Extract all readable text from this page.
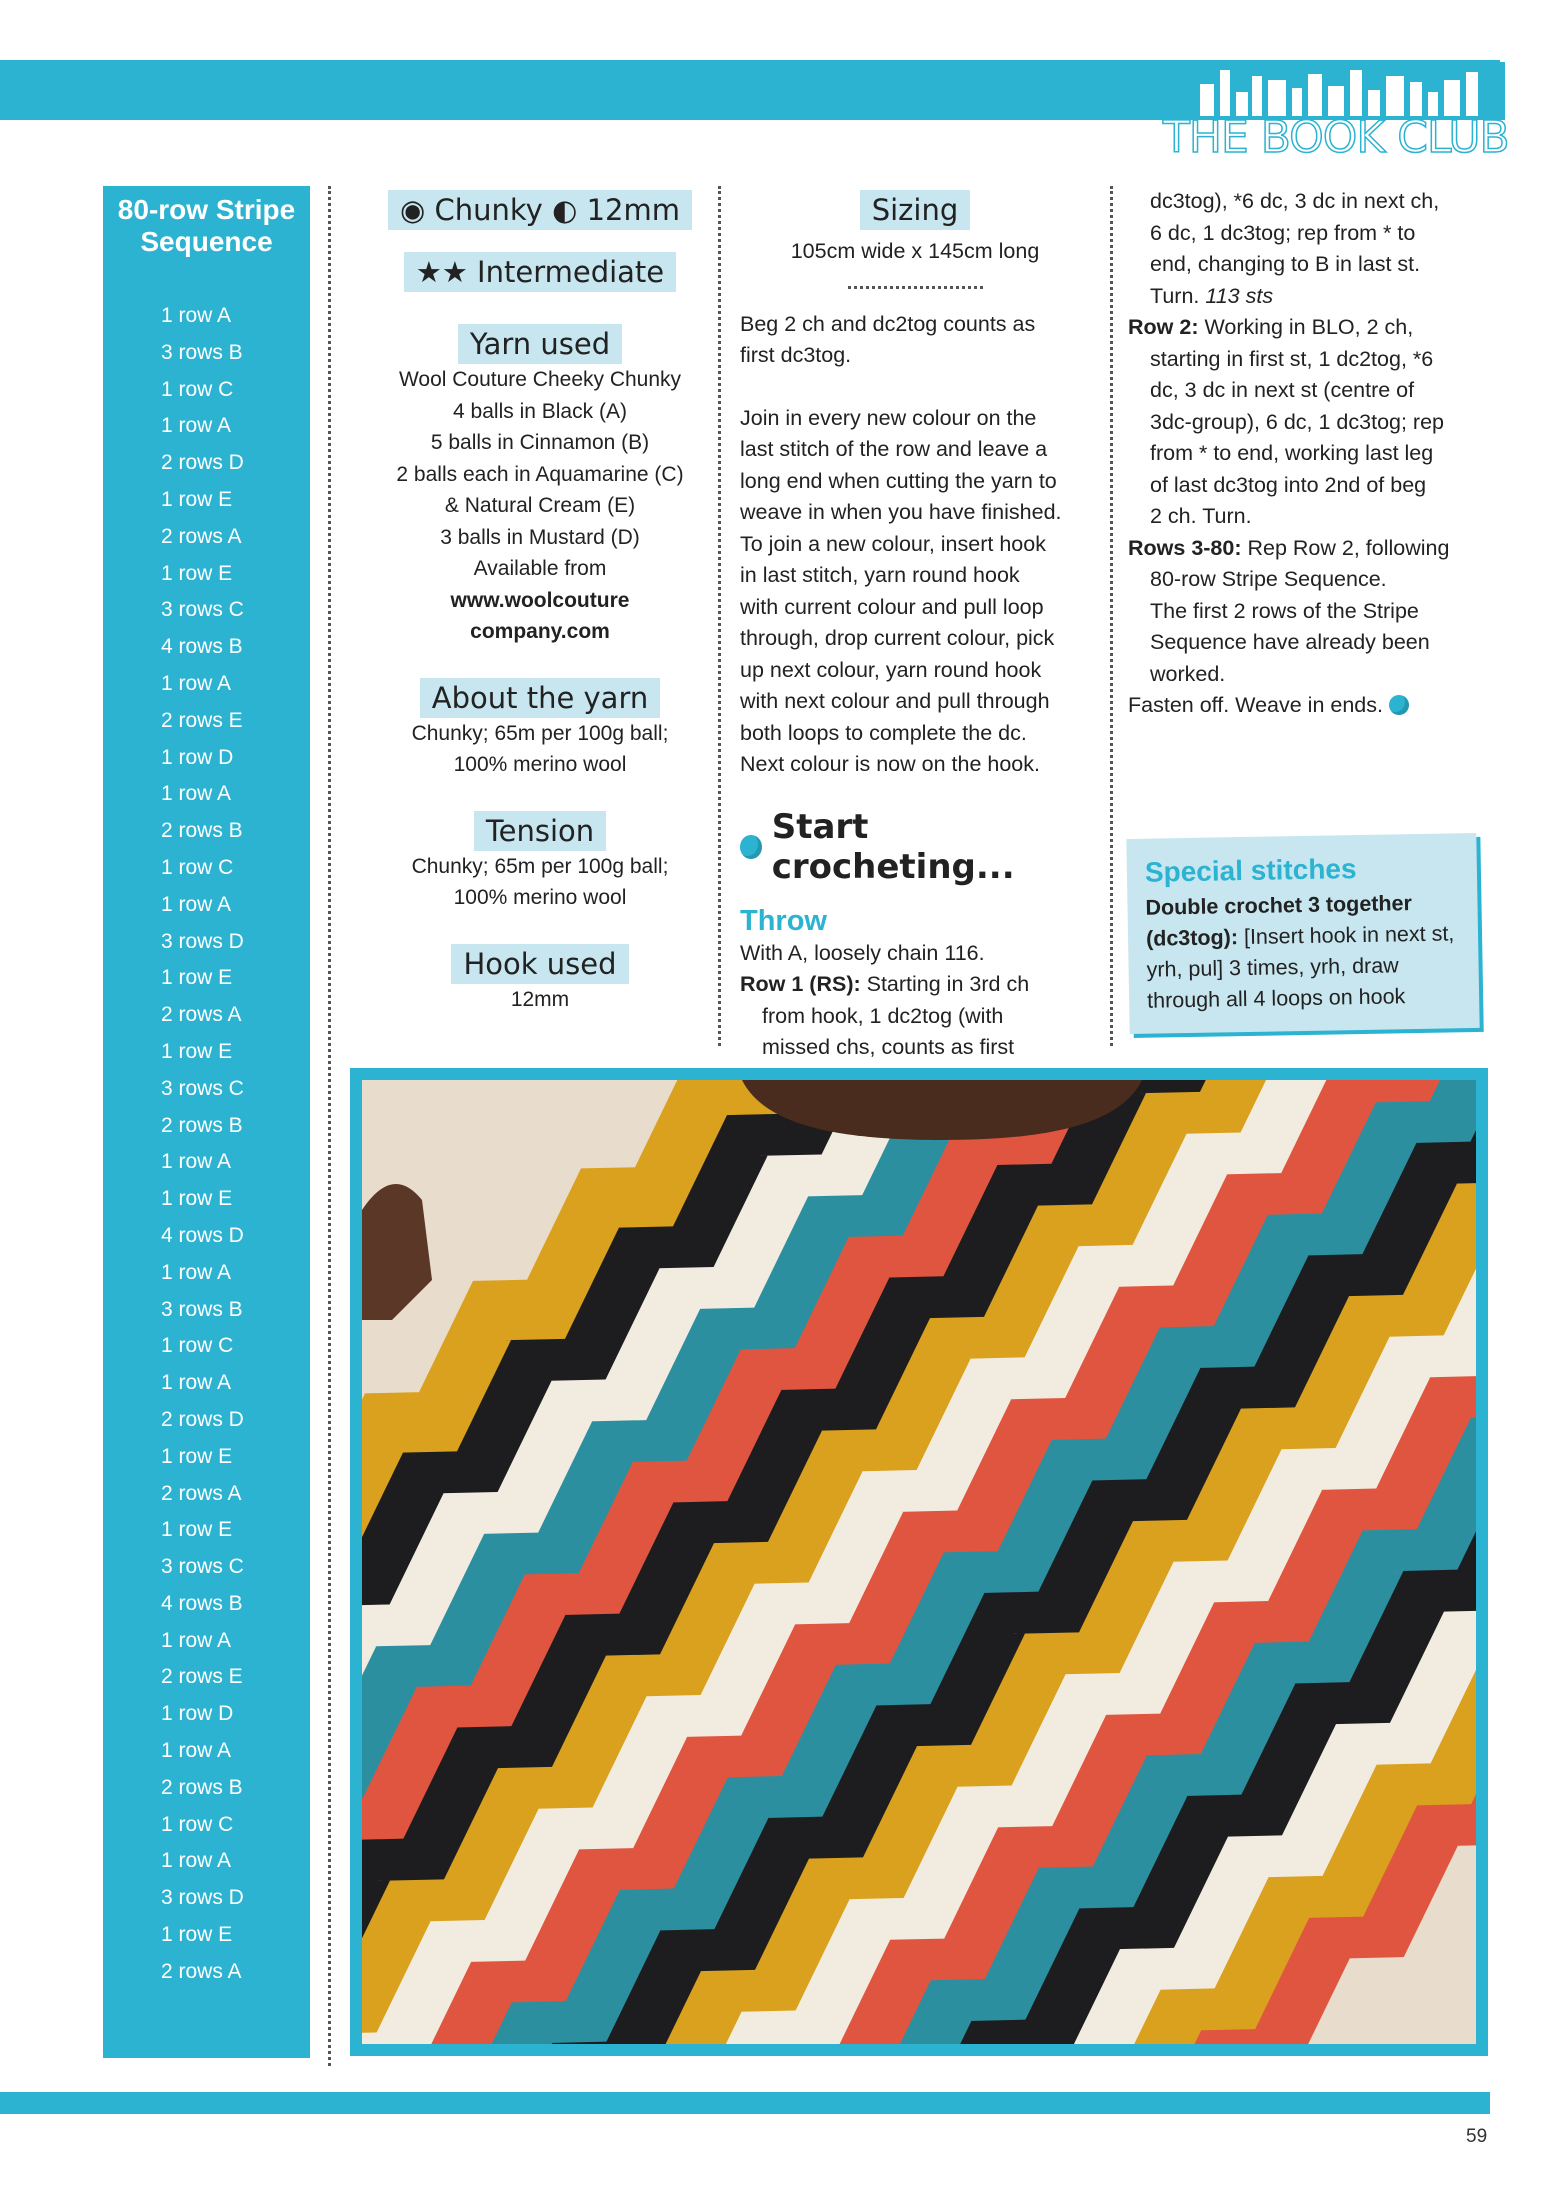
THE BOOK CLUB
80-row Stripe Sequence
1 row A
3 rows B
1 row C
1 row A
2 rows D
1 row E
2 rows A
1 row E
3 rows C
4 rows B
1 row A
2 rows E
1 row D
1 row A
2 rows B
1 row C
1 row A
3 rows D
1 row E
2 rows A
1 row E
3 rows C
2 rows B
1 row A
1 row E
4 rows D
1 row A
3 rows B
1 row C
1 row A
2 rows D
1 row E
2 rows A
1 row E
3 rows C
4 rows B
1 row A
2 rows E
1 row D
1 row A
2 rows B
1 row C
1 row A
3 rows D
1 row E
2 rows A
◉ Chunky ◐ 12mm
★★ Intermediate
Yarn used

Wool Couture Cheeky Chunky

4 balls in Black (A)

5 balls in Cinnamon (B)

2 balls each in Aquamarine (C)

& Natural Cream (E)

3 balls in Mustard (D)

Available from

www.woolcouture

company.com

About the yarn

Chunky; 65m per 100g ball;

100% merino wool

Tension

Chunky; 65m per 100g ball;

100% merino wool

Hook used

12mm

Sizing

105cm wide x 145cm long

Beg 2 ch and dc2tog counts as

first dc3tog.

Join in every new colour on the

last stitch of the row and leave a

long end when cutting the yarn to

weave in when you have finished.

To join a new colour, insert hook

in last stitch, yarn round hook

with current colour and pull loop

through, drop current colour, pick

up next colour, yarn round hook

with next colour and pull through

both loops to complete the dc.

Next colour is now on the hook.

Start crocheting...
Throw

With A, loosely chain 116.

Row 1 (RS): Starting in 3rd ch

from hook, 1 dc2tog (with

missed chs, counts as first

dc3tog), *6 dc, 3 dc in next ch,

6 dc, 1 dc3tog; rep from * to

end, changing to B in last st.

Turn. 113 sts

Row 2: Working in BLO, 2 ch,

starting in first st, 1 dc2tog, *6

dc, 3 dc in next st (centre of

3dc-group), 6 dc, 1 dc3tog; rep

from * to end, working last leg

of last dc3tog into 2nd of beg

2 ch. Turn.

Rows 3-80: Rep Row 2, following

80-row Stripe Sequence.

The first 2 rows of the Stripe

Sequence have already been

worked.

Fasten off. Weave in ends.

Special stitches

Double crochet 3 together (dc3tog): [Insert hook in next st, yrh, pul] 3 times, yrh, draw through all 4 loops on hook

59
